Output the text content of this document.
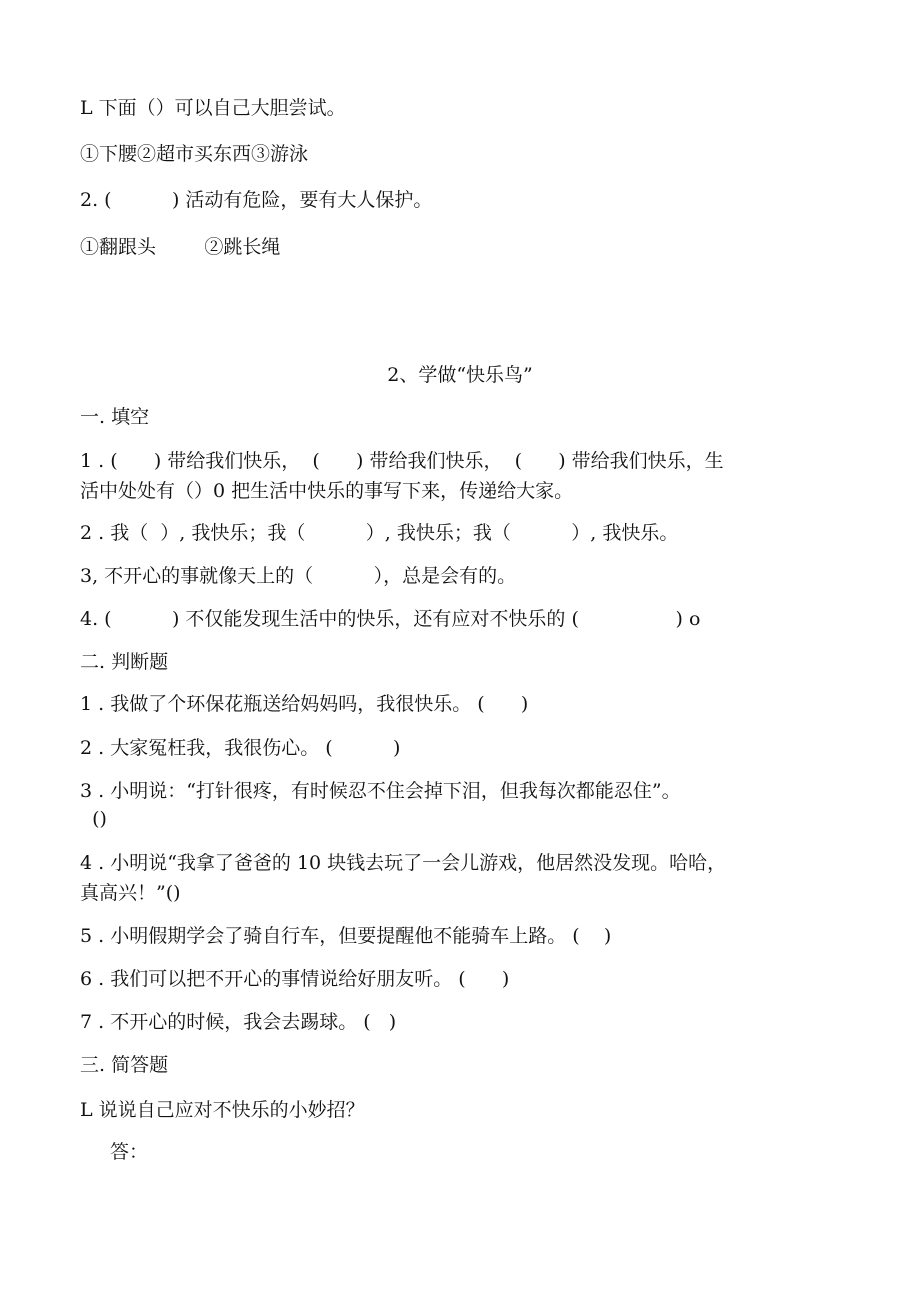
L 下面（）可以自己大胆尝试。
①下腰②超市买东西③游泳
2. (          ) 活动有危险，要有大人保护。
①翻跟头        ②跳长绳
2、学做“快乐鸟”
一. 填空
1 . (      ) 带给我们快乐，  (      ) 带给我们快乐，  (      ) 带给我们快乐，生
活中处处有（）0 把生活中快乐的事写下来，传递给大家。
2 . 我（  ）, 我快乐；我（          ）, 我快乐；我（          ）, 我快乐。
3, 不开心的事就像天上的（          ），总是会有的。
4. (          ) 不仅能发现生活中的快乐，还有应对不快乐的 (                ) o
二. 判断题
1 . 我做了个环保花瓶送给妈妈吗，我很快乐。 (      )
2 . 大家冤枉我，我很伤心。 (          )
3 . 小明说：“打针很疼，有时候忍不住会掉下泪，但我每次都能忍住”。
()
4 . 小明说“我拿了爸爸的 10 块钱去玩了一会儿游戏，他居然没发现。哈哈，
真高兴！”()
5 . 小明假期学会了骑自行车，但要提醒他不能骑车上路。 (    )
6 . 我们可以把不开心的事情说给好朋友听。 (      )
7 . 不开心的时候，我会去踢球。 (   )
三. 简答题
L 说说自己应对不快乐的小妙招？
答：
